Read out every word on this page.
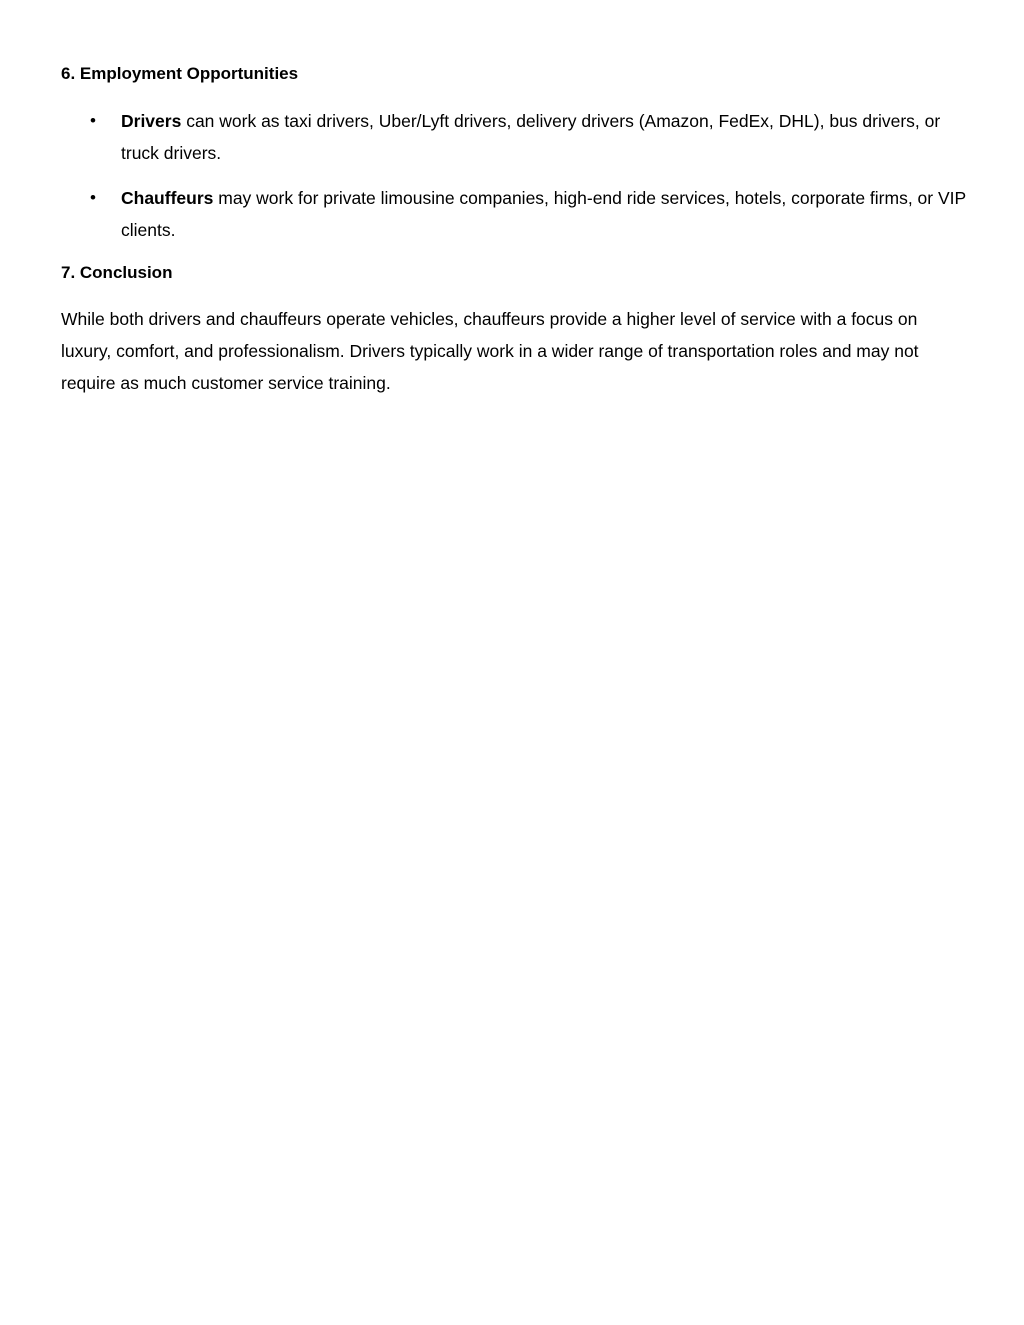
6. Employment Opportunities
• Drivers can work as taxi drivers, Uber/Lyft drivers, delivery drivers (Amazon, FedEx, DHL), bus drivers, or truck drivers.
• Chauffeurs may work for private limousine companies, high-end ride services, hotels, corporate firms, or VIP clients.
7. Conclusion

While both drivers and chauffeurs operate vehicles, chauffeurs provide a higher level of service with a focus on luxury, comfort, and professionalism. Drivers typically work in a wider range of transportation roles and may not require as much customer service training.
